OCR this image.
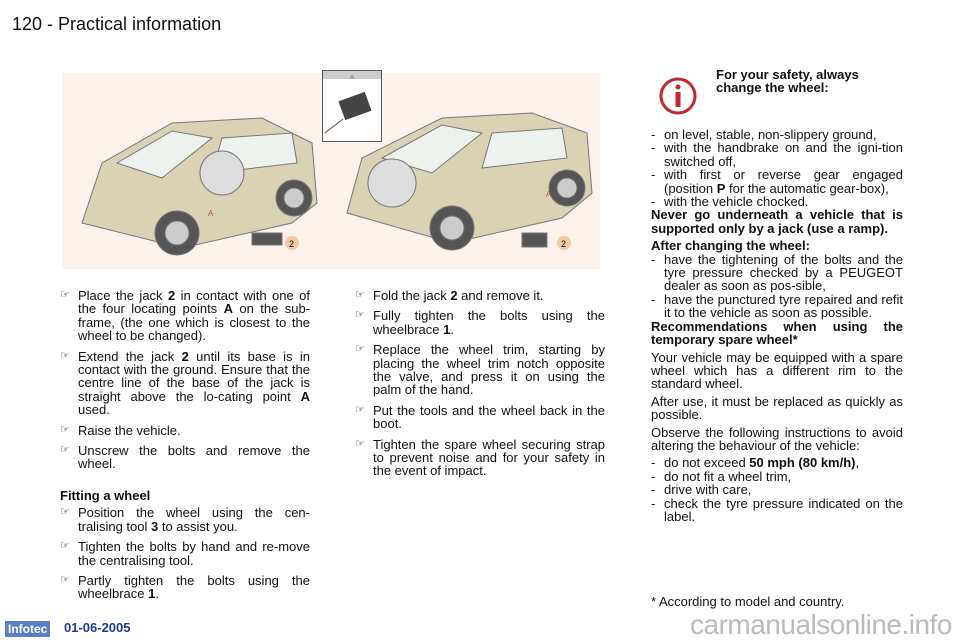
120 - Practical information
2	2
A
A
A
☞ Place the jack 2 in contact with one of the four locating points A on the sub-frame, (the one which is closest to the wheel to be changed).
☞ Extend the jack 2 until its base is in contact with the ground. Ensure that the centre line of the base of the jack is straight above the lo-cating point A used.
☞ Raise the vehicle.
☞ Unscrew the bolts and remove the wheel.
Fitting a wheel
☞ Position the wheel using the cen-tralising tool 3 to assist you.
☞ Tighten the bolts by hand and re-move the centralising tool.
☞ Partly tighten the bolts using the wheelbrace 1.
☞ Fold the jack 2 and remove it.
☞ Fully tighten the bolts using the wheelbrace 1.
☞ Replace the wheel trim, starting by placing the wheel trim notch opposite the valve, and press it on using the palm of the hand.
☞ Put the tools and the wheel back in the boot.
☞ Tighten the spare wheel securing strap to prevent noise and for your safety in the event of impact.
For your safety, always change the wheel:
- on level, stable, non-slippery ground,
- with the handbrake on and the igni-tion switched off,
- with first or reverse gear engaged (position P for the automatic gear-box),
- with the vehicle chocked.
Never go underneath a vehicle that is supported only by a jack (use a ramp).
After changing the wheel:
- have the tightening of the bolts and the tyre pressure checked by a PEUGEOT dealer as soon as pos-sible,
- have the punctured tyre repaired and refit it to the vehicle as soon as possible.
Recommendations when using the temporary spare wheel*
Your vehicle may be equipped with a spare wheel which has a different rim to the standard wheel.
After use, it must be replaced as quickly as possible.
Observe the following instructions to avoid altering the behaviour of the vehicle:
- do not exceed 50 mph (80 km/h),
- do not fit a wheel trim,
- drive with care,
- check the tyre pressure indicated on the label.
* According to model and country.
carmanualsonline.info
Infotec 01-06-2005
